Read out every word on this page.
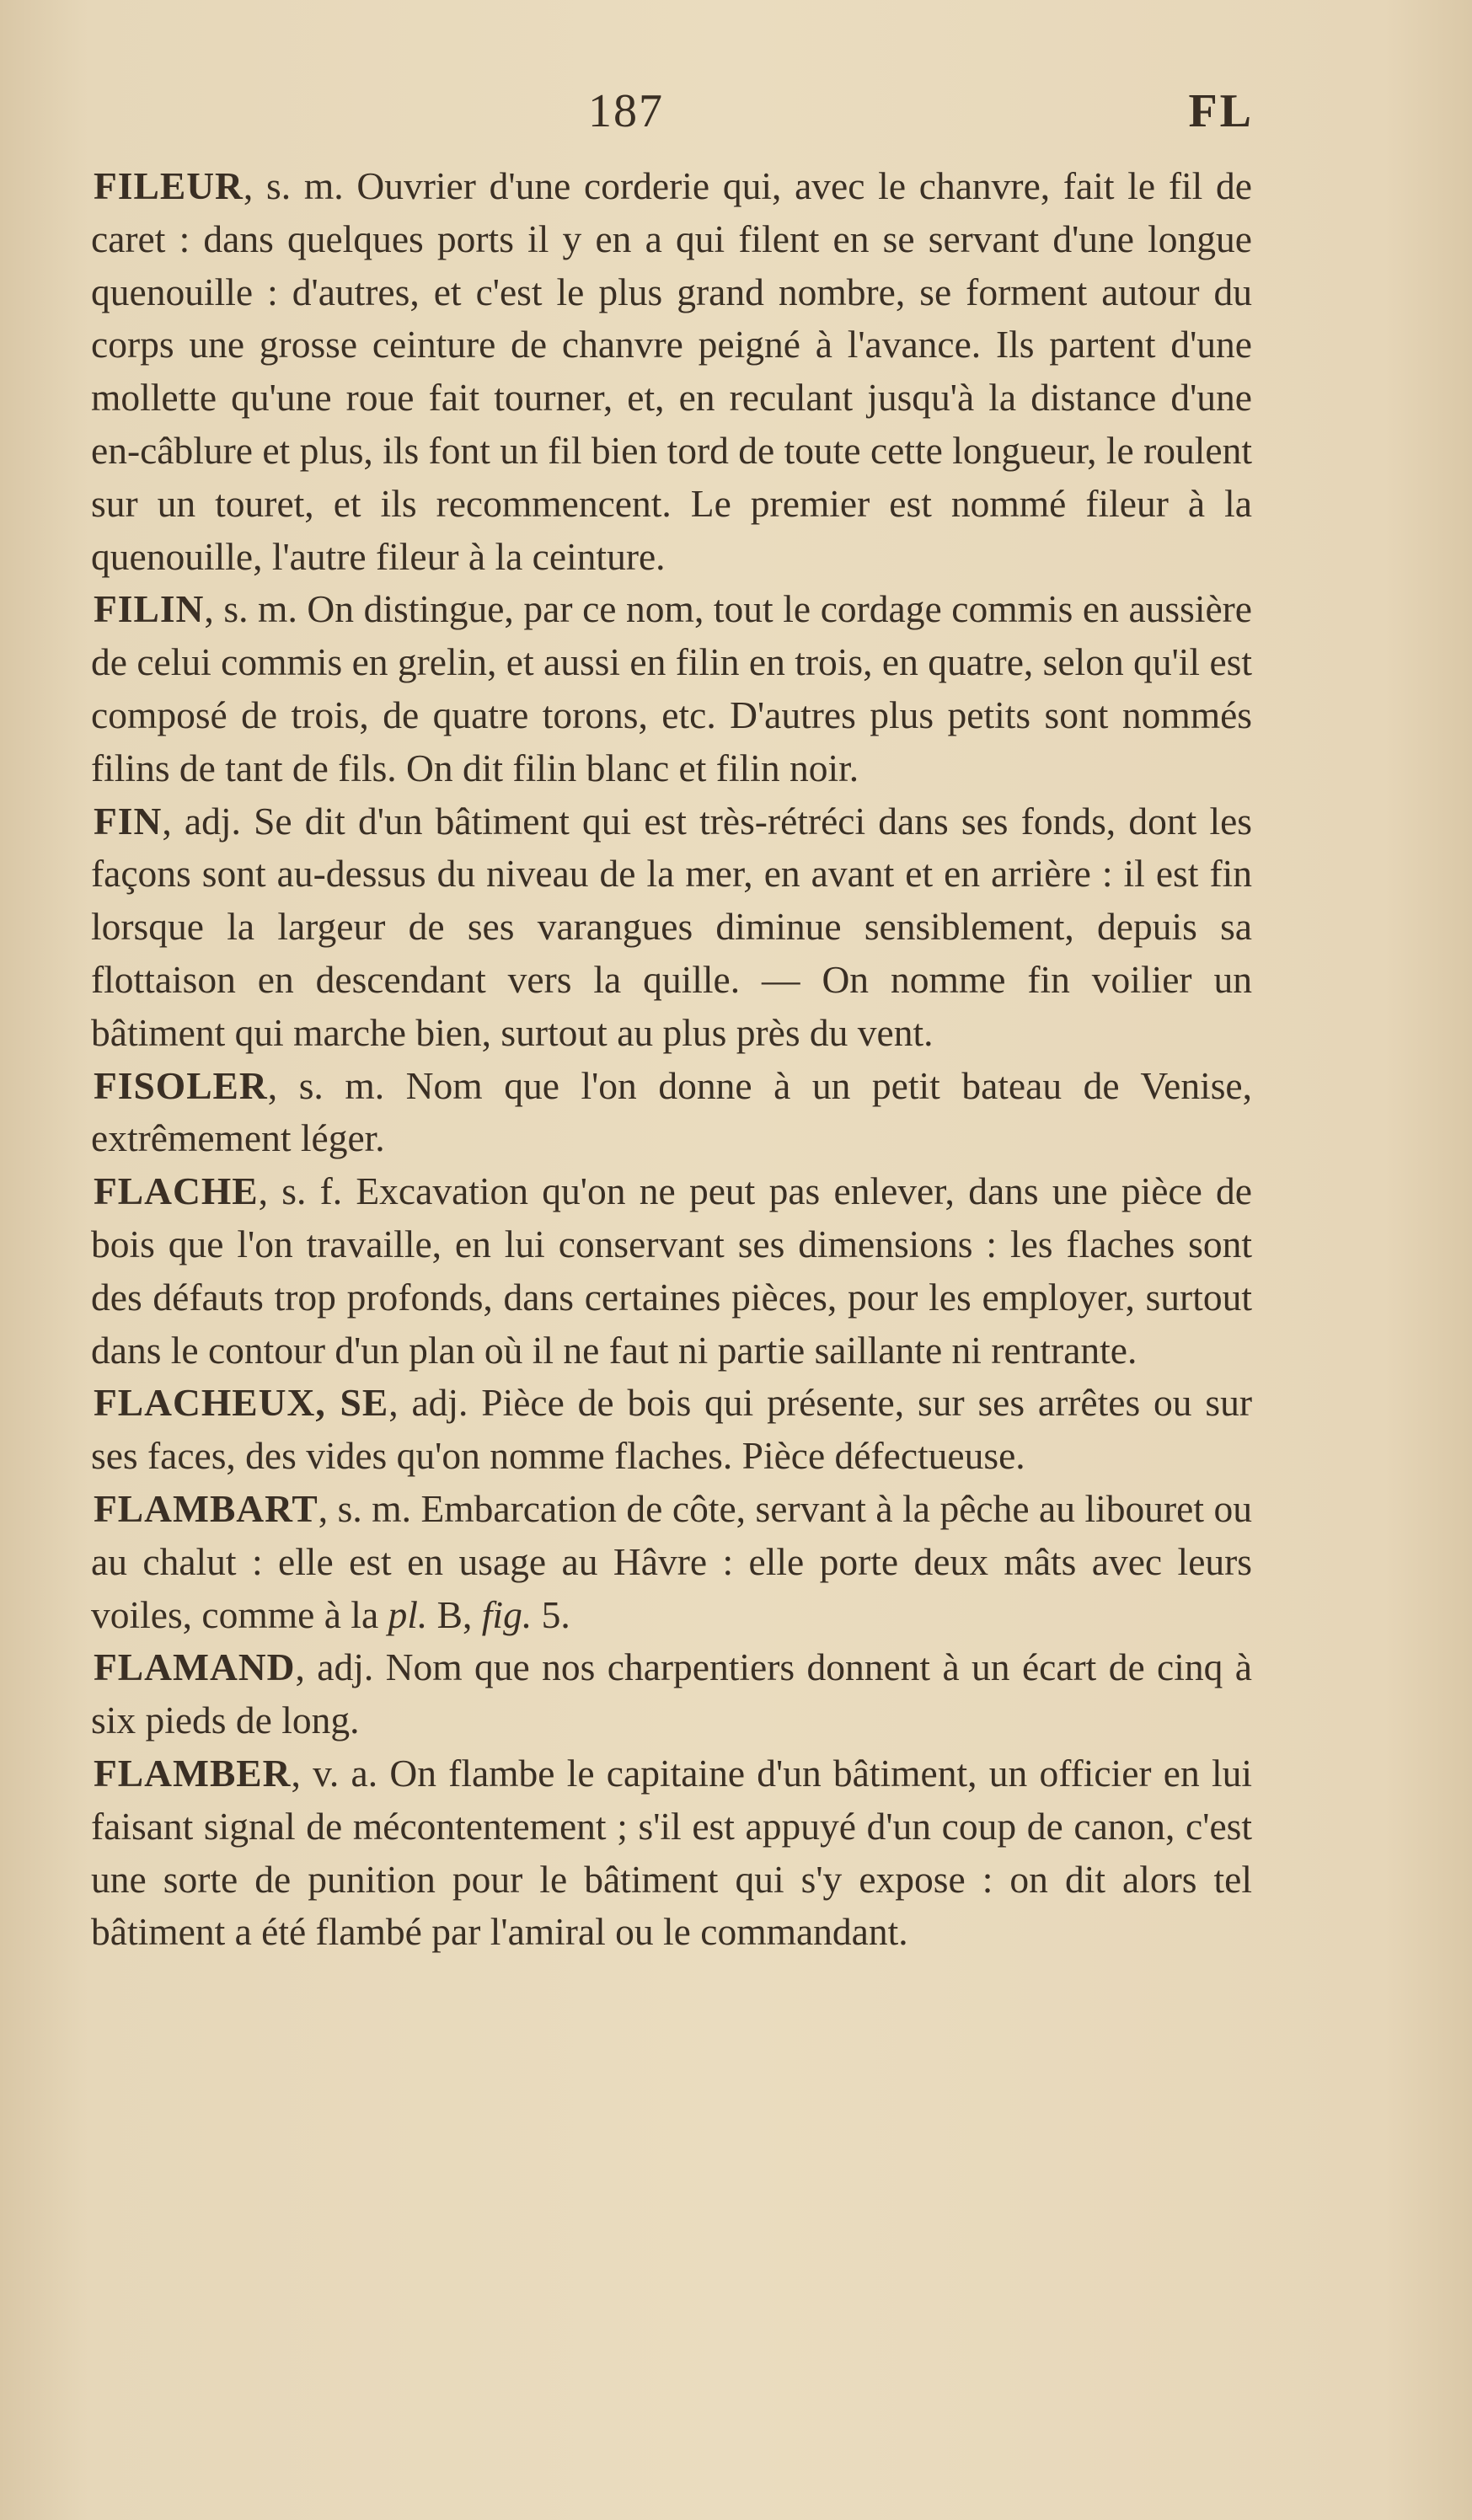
187	FL

FILEUR, s. m. Ouvrier d'une corderie qui, avec le chanvre, fait le fil de caret : dans quelques ports il y en a qui filent en se servant d'une longue quenouille : d'autres, et c'est le plus grand nombre, se forment autour du corps une grosse ceinture de chanvre peigné à l'avance. Ils partent d'une mollette qu'une roue fait tourner, et, en reculant jusqu'à la distance d'une en-câblure et plus, ils font un fil bien tord de toute cette longueur, le roulent sur un touret, et ils recommencent. Le premier est nommé fileur à la quenouille, l'autre fileur à la ceinture.

FILIN, s. m. On distingue, par ce nom, tout le cordage commis en aussière de celui commis en grelin, et aussi en filin en trois, en quatre, selon qu'il est composé de trois, de quatre torons, etc. D'autres plus petits sont nommés filins de tant de fils. On dit filin blanc et filin noir.

FIN, adj. Se dit d'un bâtiment qui est très-rétréci dans ses fonds, dont les façons sont au-dessus du niveau de la mer, en avant et en arrière : il est fin lorsque la largeur de ses varangues diminue sensiblement, depuis sa flottaison en descendant vers la quille. — On nomme fin voilier un bâtiment qui marche bien, surtout au plus près du vent.

FISOLER, s. m. Nom que l'on donne à un petit bateau de Venise, extrêmement léger.

FLACHE, s. f. Excavation qu'on ne peut pas enlever, dans une pièce de bois que l'on travaille, en lui conservant ses dimensions : les flaches sont des défauts trop profonds, dans certaines pièces, pour les employer, surtout dans le contour d'un plan où il ne faut ni partie saillante ni rentrante.

FLACHEUX, SE, adj. Pièce de bois qui présente, sur ses arrêtes ou sur ses faces, des vides qu'on nomme flaches. Pièce défectueuse.

FLAMBART, s. m. Embarcation de côte, servant à la pêche au libouret ou au chalut : elle est en usage au Hâvre : elle porte deux mâts avec leurs voiles, comme à la pl. B, fig. 5.

FLAMAND, adj. Nom que nos charpentiers donnent à un écart de cinq à six pieds de long.

FLAMBER, v. a. On flambe le capitaine d'un bâtiment, un officier en lui faisant signal de mécontentement ; s'il est appuyé d'un coup de canon, c'est une sorte de punition pour le bâtiment qui s'y expose : on dit alors tel bâtiment a été flambé par l'amiral ou le commandant.
